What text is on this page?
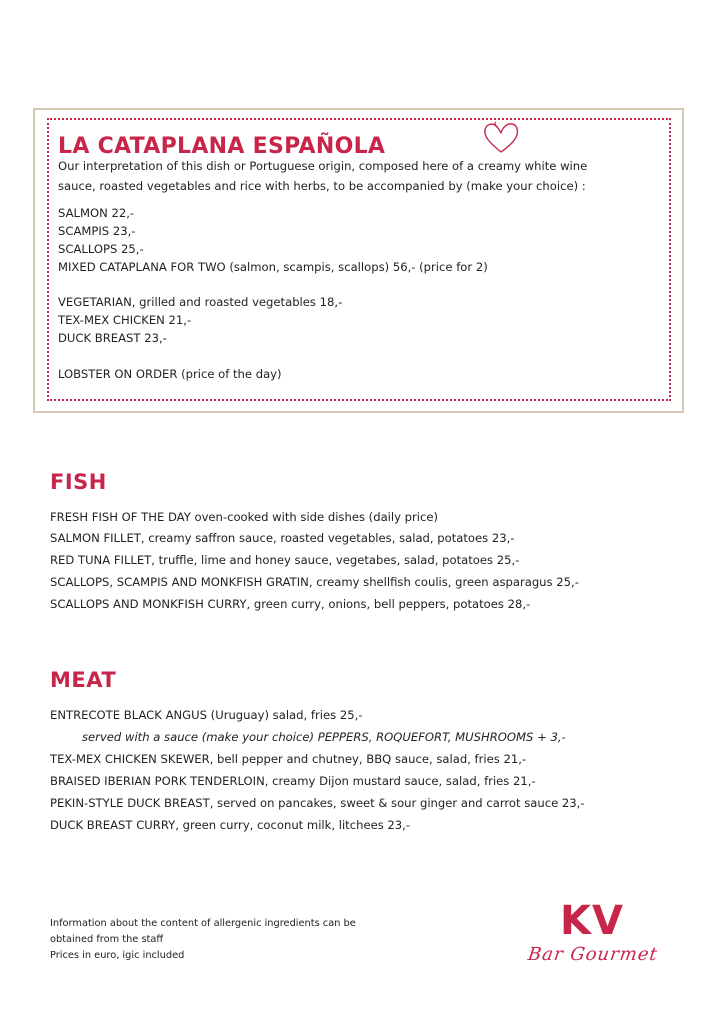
LA CATAPLANA ESPAÑOLA
Our interpretation of this dish or Portuguese origin, composed here of a creamy white wine
sauce, roasted vegetables and rice with herbs, to be accompanied by (make your choice) :
SALMON 22,-
SCAMPIS 23,-
SCALLOPS 25,-
MIXED CATAPLANA FOR TWO (salmon, scampis, scallops) 56,- (price for 2)
VEGETARIAN, grilled and roasted vegetables 18,-
TEX-MEX CHICKEN 21,-
DUCK BREAST 23,-
LOBSTER ON ORDER (price of the day)
FISH
FRESH FISH OF THE DAY oven-cooked with side dishes (daily price)
SALMON FILLET, creamy saffron sauce, roasted vegetables, salad, potatoes 23,-
RED TUNA FILLET, truffle, lime and honey sauce, vegetabes, salad, potatoes 25,-
SCALLOPS, SCAMPIS AND MONKFISH GRATIN, creamy shellfish coulis, green asparagus 25,-
SCALLOPS AND MONKFISH CURRY, green curry, onions, bell peppers, potatoes 28,-
MEAT
ENTRECOTE BLACK ANGUS (Uruguay) salad, fries 25,-
served with a sauce (make your choice) PEPPERS, ROQUEFORT, MUSHROOMS + 3,-
TEX-MEX CHICKEN SKEWER, bell pepper and chutney, BBQ sauce, salad, fries 21,-
BRAISED IBERIAN PORK TENDERLOIN, creamy Dijon mustard sauce, salad, fries 21,-
PEKIN-STYLE DUCK BREAST, served on pancakes, sweet & sour ginger and carrot sauce 23,-
DUCK BREAST CURRY, green curry, coconut milk, litchees 23,-
Information about the content of allergenic ingredients can be
obtained from the staff
Prices in euro, igic included
KV
Bar Gourmet
